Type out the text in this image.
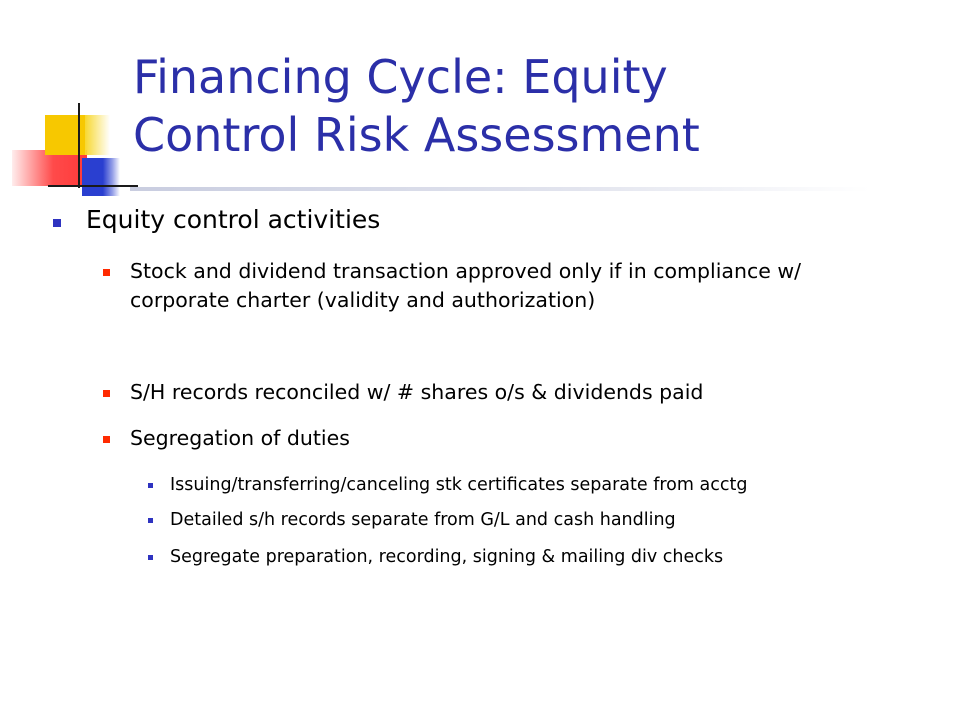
Financing Cycle: Equity
Control Risk Assessment
Equity control activities
Stock and dividend transaction approved only if in compliance w/ corporate charter (validity and authorization)
S/H records reconciled w/ # shares o/s & dividends paid
Segregation of duties
Issuing/transferring/canceling stk certificates separate from acctg
Detailed s/h records separate from G/L and cash handling
Segregate preparation, recording, signing & mailing div checks
